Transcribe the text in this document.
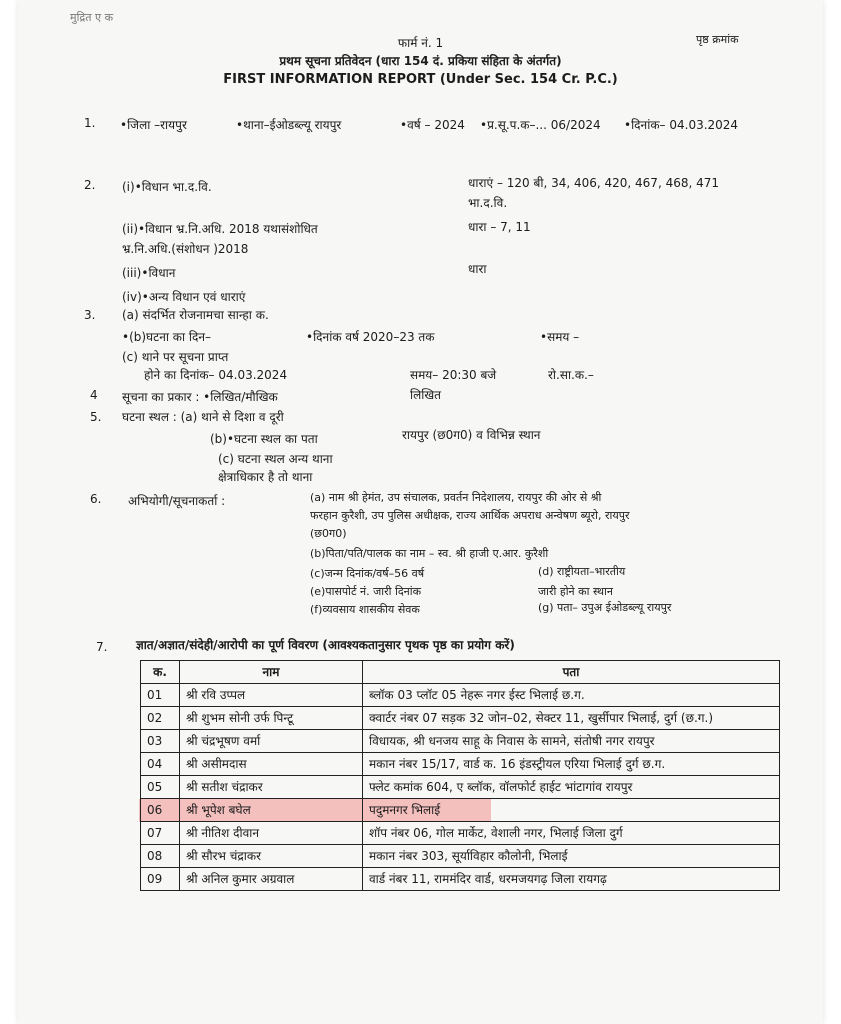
मुद्रित ए क
फार्म नं. 1	पृष्ठ क्रमांक
प्रथम सूचना प्रतिवेदन (धारा 154 दं. प्रकिया संहिता के अंतर्गत)
FIRST INFORMATION REPORT (Under Sec. 154 Cr. P.C.)
1. •जिला –रायपुर	•थाना–ईओडब्ल्यू रायपुर	•वर्ष – 2024 •प्र.सू.प.क–... 06/2024 •दिनांक– 04.03.2024
2. (i)•विधान भा.द.वि.	धाराएं – 120 बी, 34, 406, 420, 467, 468, 471
भा.द.वि.
(ii)•विधान भ्र.नि.अधि. 2018 यथासंशोधित
भ्र.नि.अधि.(संशोधन )2018
धारा – 7, 11
(iii)•विधान	धारा
(iv)•अन्य विधान एवं धाराएं
3. (a) संदर्भित रोजनामचा सान्हा क.
•(b)घटना का दिन–	•दिनांक वर्ष 2020–23 तक	•समय –
(c) थाने पर सूचना प्राप्त
होने का दिनांक– 04.03.2024	समय– 20:30 बजे	रो.सा.क.–
4 सूचना का प्रकार : •लिखित/मौखिक	लिखित
5. घटना स्थल : (a) थाने से दिशा व दूरी
(b)•घटना स्थल का पता	रायपुर (छ0ग0) व विभिन्न स्थान
(c) घटना स्थल अन्य थाना
क्षेत्राधिकार है तो थाना
6. अभियोगी/सूचनाकर्ता :	(a) नाम श्री हेमंत, उप संचालक, प्रवर्तन निदेशालय, रायपुर की ओर से श्री
फरहान कुरैशी, उप पुलिस अधीक्षक, राज्य आर्थिक अपराध अन्वेषण ब्यूरो, रायपुर
(छ0ग0)
(b)पिता/पति/पालक का नाम – स्व. श्री हाजी ए.आर. कुरैशी
(c)जन्म दिनांक/वर्ष–56 वर्ष	(d) राष्ट्रीयता–भारतीय
(e)पासपोर्ट नं. जारी दिनांक	जारी होने का स्थान
(f)व्यवसाय शासकीय सेवक	(g) पता– उपुअ ईओडब्ल्यू रायपुर
7. ज्ञात/अज्ञात/संदेही/आरोपी का पूर्ण विवरण (आवश्यकतानुसार पृथक पृष्ठ का प्रयोग करें)
क.	नाम	पता
01	श्री रवि उप्पल	ब्लॉक 03 प्लॉट 05 नेहरू नगर ईस्ट भिलाई छ.ग.
02	श्री शुभम सोनी उर्फ पिन्टू	क्वार्टर नंबर 07 सड़क 32 जोन–02, सेक्टर 11, खुर्सीपार भिलाई, दुर्ग (छ.ग.)
03	श्री चंद्रभूषण वर्मा	विधायक, श्री धनजय साहू के निवास के सामने, संतोषी नगर रायपुर
04	श्री असीमदास	मकान नंबर 15/17, वार्ड क. 16 इंडस्ट्रीयल एरिया भिलाई दुर्ग छ.ग.
05	श्री सतीश चंद्राकर	फ्लेट कमांक 604, ए ब्लॉक, वॉलफोर्ट हाईट भांटागांव रायपुर
06	श्री भूपेश बघेल	पदुमनगर भिलाई
07	श्री नीतिश दीवान	शॉप नंबर 06, गोल मार्केट, वेशाली नगर, भिलाई जिला दुर्ग
08	श्री सौरभ चंद्राकर	मकान नंबर 303, सूर्याविहार कौलोनी, भिलाई
09	श्री अनिल कुमार अग्रवाल	वार्ड नंबर 11, राममंदिर वार्ड, धरमजयगढ़ जिला रायगढ़
